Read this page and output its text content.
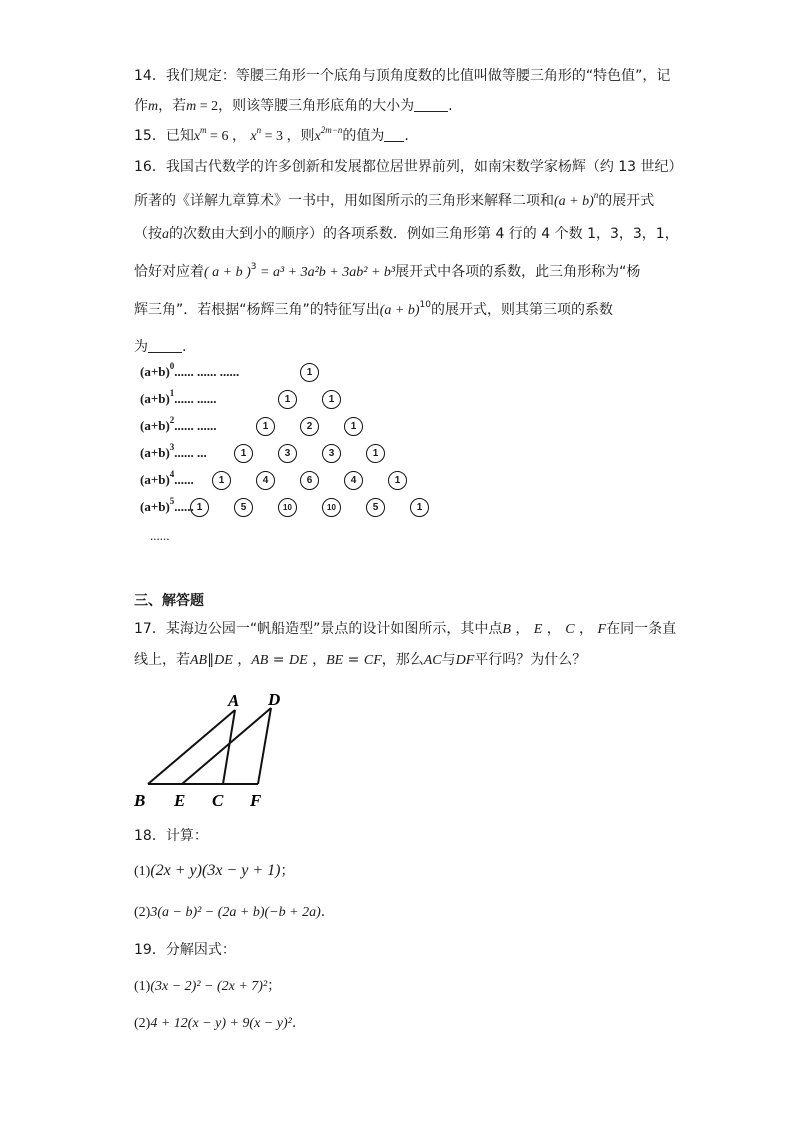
14．我们规定：等腰三角形一个底角与顶角度数的比值叫做等腰三角形的“特色值”，记
作m，若m = 2，则该等腰三角形底角的大小为 .
15．已知$x^m = 6$ ， $x^n = 3$ ，则$x^{2m-n}$的值为 .
16．我国古代数学的许多创新和发展都位居世界前列，如南宋数学家杨辉（约 13 世纪）
所著的《详解九章算术》一书中，用如图所示的三角形来解释二项和$(a + b)^n$的展开式
（按a的次数由大到小的顺序）的各项系数．例如三角形第 4 行的 4 个数 1，3，3，1，
恰好对应着( a + b )$^3$ = a³ + 3a²b + 3ab² + b³展开式中各项的系数，此三角形称为“杨
辉三角”．若根据“杨辉三角”的特征写出$(a + b)^{10}$的展开式，则其第三项的系数
为 .
$(a+b)^0$...... ...... ......	1
$(a+b)^1$...... ......	1	1
$(a+b)^2$...... ......	1	2	1
$(a+b)^3$...... ...	1	3	3	1
$(a+b)^4$......	1	4	6	4	1
$(a+b)^5$...... 1	5	10	10	5	1
......
三、解答题
17．某海边公园一“帆船造型”景点的设计如图所示，其中点B ， E ， C ， F在同一条直
线上，若AB∥DE ，AB = DE ，BE = CF，那么AC与DF平行吗？为什么？
A D
B E C F
18．计算：
(1)(2x + y)(3x − y + 1)；
(2)3(a − b)² − (2a + b)(−b + 2a).
19．分解因式：
(1)(3x − 2)² − (2x + 7)²；
(2)4 + 12(x − y) + 9(x − y)².
